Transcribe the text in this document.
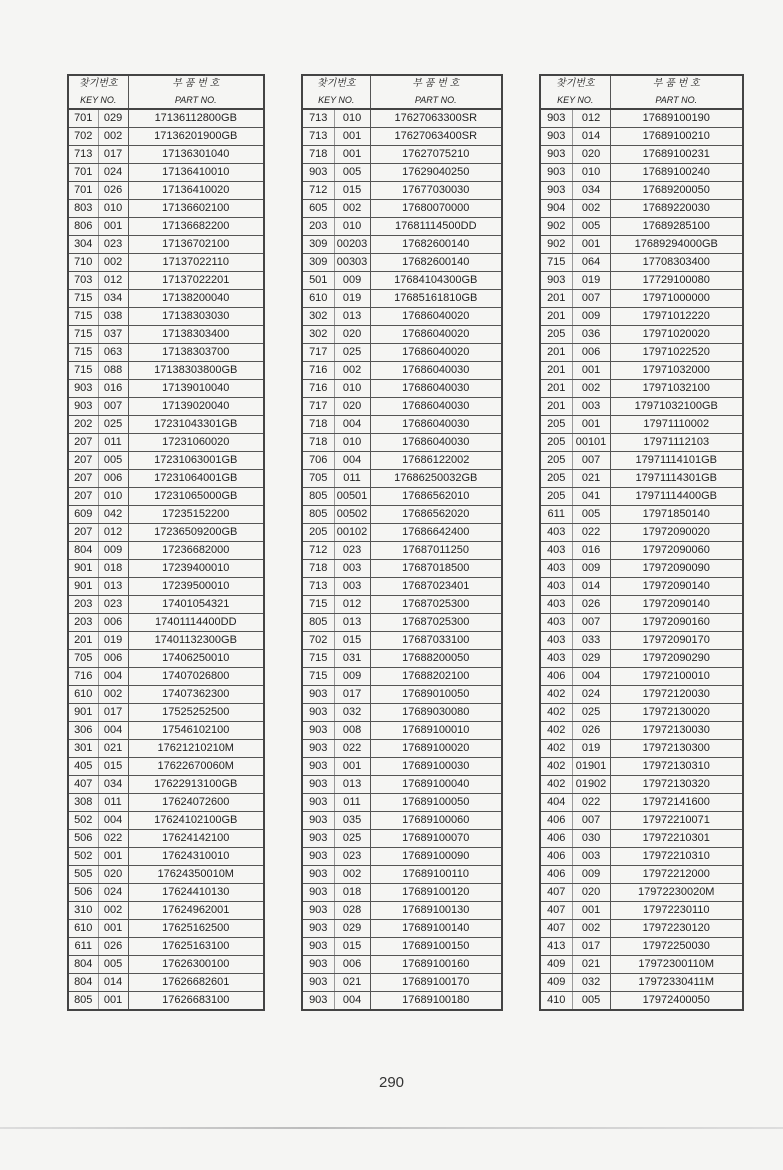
찾기번호		부 품 번 호
KEY NO.		PART NO.
701	029	17136112800GB
702	002	17136201900GB
713	017	17136301040
701	024	17136410010
701	026	17136410020
803	010	17136602100
806	001	17136682200
304	023	17136702100
710	002	17137022110
703	012	17137022201
715	034	17138200040
715	038	17138303030
715	037	17138303400
715	063	17138303700
715	088	17138303800GB
903	016	17139010040
903	007	17139020040
202	025	17231043301GB
207	011	17231060020
207	005	17231063001GB
207	006	17231064001GB
207	010	17231065000GB
609	042	17235152200
207	012	17236509200GB
804	009	17236682000
901	018	17239400010
901	013	17239500010
203	023	17401054321
203	006	17401114400DD
201	019	17401132300GB
705	006	17406250010
716	004	17407026800
610	002	17407362300
901	017	17525252500
306	004	17546102100
301	021	17621210210M
405	015	17622670060M
407	034	17622913100GB
308	011	17624072600
502	004	17624102100GB
506	022	17624142100
502	001	17624310010
505	020	17624350010M
506	024	17624410130
310	002	17624962001
610	001	17625162500
611	026	17625163100
804	005	17626300100
804	014	17626682601
805	001	17626683100
찾기번호		부 품 번 호
KEY NO.		PART NO.
713	010	17627063300SR
713	001	17627063400SR
718	001	17627075210
903	005	17629040250
712	015	17677030030
605	002	17680070000
203	010	17681114500DD
309	00203	17682600140
309	00303	17682600140
501	009	17684104300GB
610	019	17685161810GB
302	013	17686040020
302	020	17686040020
717	025	17686040020
716	002	17686040030
716	010	17686040030
717	020	17686040030
718	004	17686040030
718	010	17686040030
706	004	17686122002
705	011	17686250032GB
805	00501	17686562010
805	00502	17686562020
205	00102	17686642400
712	023	17687011250
718	003	17687018500
713	003	17687023401
715	012	17687025300
805	013	17687025300
702	015	17687033100
715	031	17688200050
715	009	17688202100
903	017	17689010050
903	032	17689030080
903	008	17689100010
903	022	17689100020
903	001	17689100030
903	013	17689100040
903	011	17689100050
903	035	17689100060
903	025	17689100070
903	023	17689100090
903	002	17689100110
903	018	17689100120
903	028	17689100130
903	029	17689100140
903	015	17689100150
903	006	17689100160
903	021	17689100170
903	004	17689100180
찾기번호		부 품 번 호
KEY NO.		PART NO.
903	012	17689100190
903	014	17689100210
903	020	17689100231
903	010	17689100240
903	034	17689200050
904	002	17689220030
902	005	17689285100
902	001	17689294000GB
715	064	17708303400
903	019	17729100080
201	007	17971000000
201	009	17971012220
205	036	17971020020
201	006	17971022520
201	001	17971032000
201	002	17971032100
201	003	17971032100GB
205	001	17971110002
205	00101	17971112103
205	007	17971114101GB
205	021	17971114301GB
205	041	17971114400GB
611	005	17971850140
403	022	17972090020
403	016	17972090060
403	009	17972090090
403	014	17972090140
403	026	17972090140
403	007	17972090160
403	033	17972090170
403	029	17972090290
406	004	17972100010
402	024	17972120030
402	025	17972130020
402	026	17972130030
402	019	17972130300
402	01901	17972130310
402	01902	17972130320
404	022	17972141600
406	007	17972210071
406	030	17972210301
406	003	17972210310
406	009	17972212000
407	020	17972230020M
407	001	17972230110
407	002	17972230120
413	017	17972250030
409	021	17972300110M
409	032	17972330411M
410	005	17972400050
290
